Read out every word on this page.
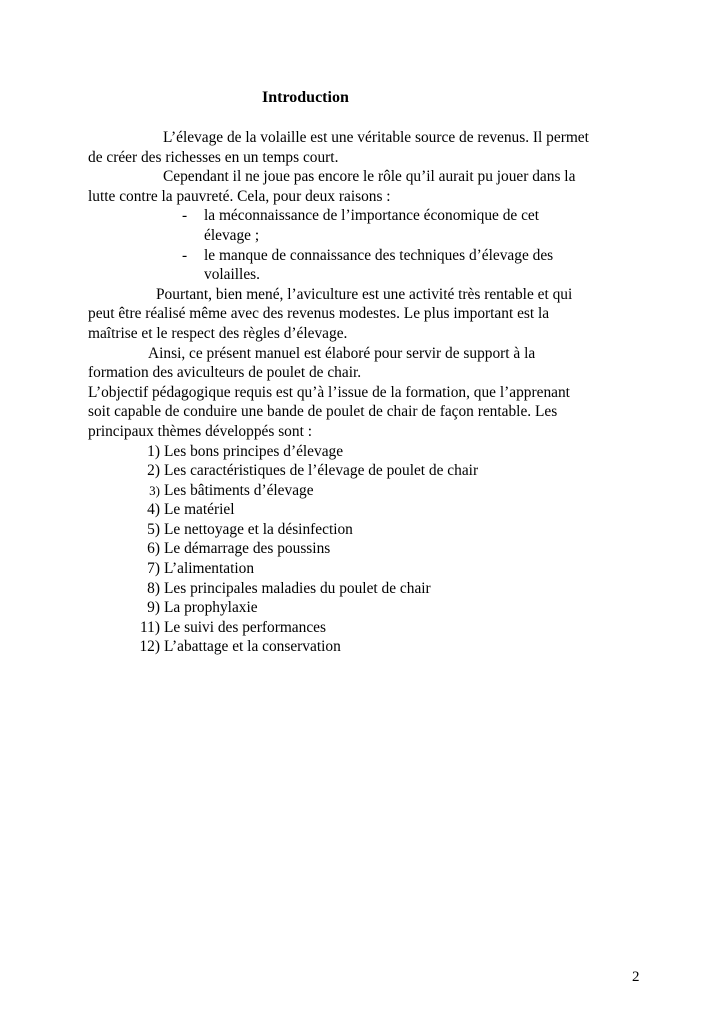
Introduction
L’élevage de la volaille est une véritable source de revenus. Il permet
de créer des richesses en un temps court.
Cependant il ne joue pas encore le rôle qu’il aurait pu jouer dans la
lutte contre la pauvreté. Cela, pour deux raisons :
-	la méconnaissance de l’importance économique de cet
élevage ;
-	le manque de connaissance des techniques d’élevage des
volailles.
Pourtant, bien mené, l’aviculture est une activité très rentable et qui
peut être réalisé même avec des revenus modestes. Le plus important est la
maîtrise et le respect des règles d’élevage.
Ainsi, ce présent manuel est élaboré pour servir de support à la
formation des aviculteurs de poulet de chair.
L’objectif pédagogique requis est qu’à l’issue de la formation, que l’apprenant
soit capable de conduire une bande de poulet de chair de façon rentable. Les
principaux thèmes développés sont :
1) Les bons principes d’élevage
2) Les caractéristiques de l’élevage de poulet de chair
3) Les bâtiments d’élevage
4) Le matériel
5) Le nettoyage et la désinfection
6) Le démarrage des poussins
7) L’alimentation
8) Les principales maladies du poulet de chair
9) La prophylaxie
11) Le suivi des performances
12) L’abattage et la conservation
2
